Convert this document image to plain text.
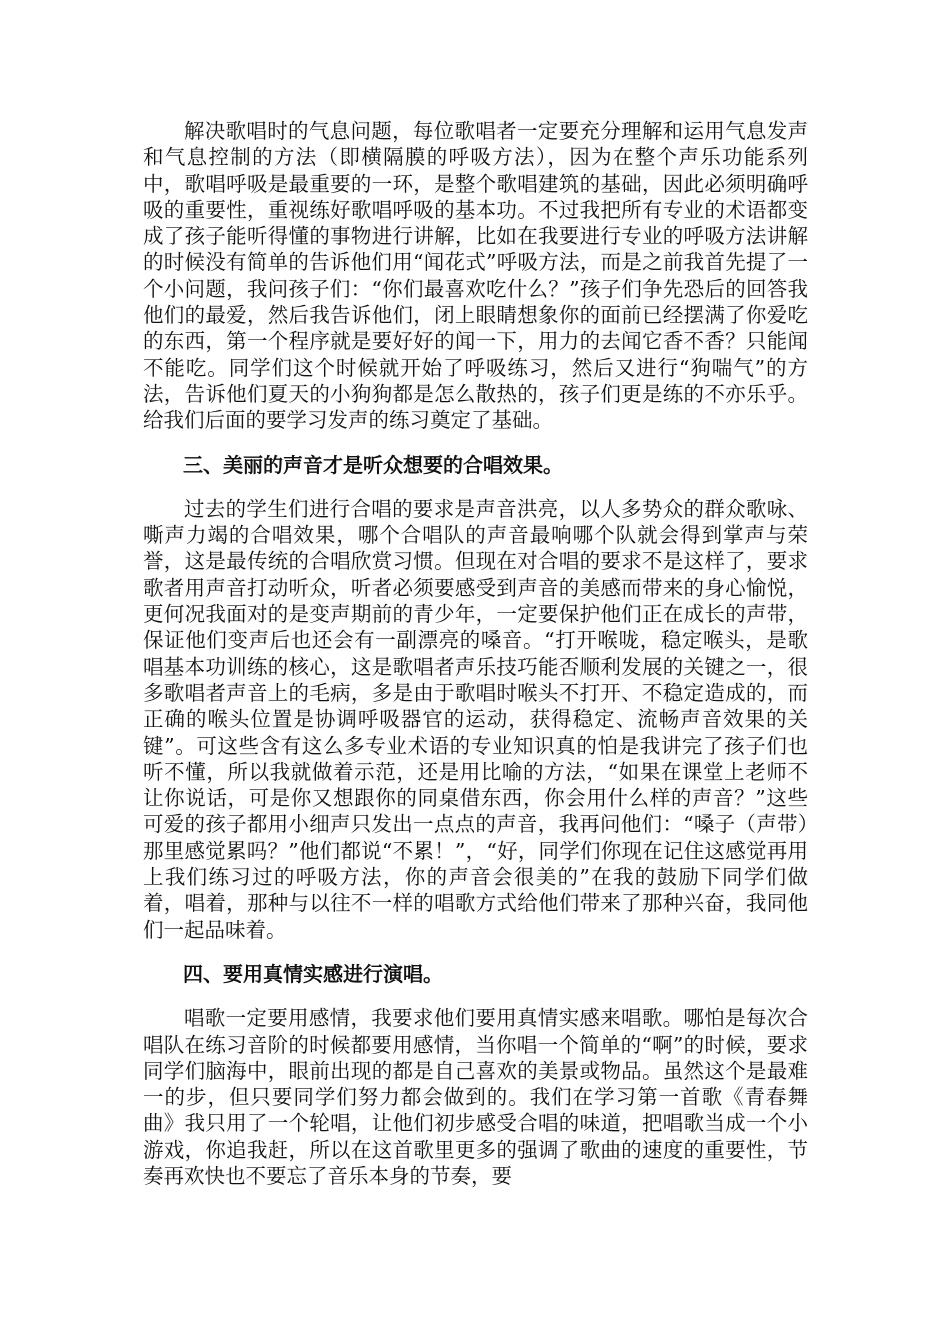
解决歌唱时的气息问题，每位歌唱者一定要充分理解和运用气息发声和气息控制的方法（即横隔膜的呼吸方法），因为在整个声乐功能系列中，歌唱呼吸是最重要的一环，是整个歌唱建筑的基础，因此必须明确呼吸的重要性，重视练好歌唱呼吸的基本功。不过我把所有专业的术语都变成了孩子能听得懂的事物进行讲解，比如在我要进行专业的呼吸方法讲解的时候没有简单的告诉他们用“闻花式”呼吸方法，而是之前我首先提了一个小问题，我问孩子们：“你们最喜欢吃什么？”孩子们争先恐后的回答我他们的最爱，然后我告诉他们，闭上眼睛想象你的面前已经摆满了你爱吃的东西，第一个程序就是要好好的闻一下，用力的去闻它香不香？只能闻不能吃。同学们这个时候就开始了呼吸练习，然后又进行“狗喘气”的方法，告诉他们夏天的小狗狗都是怎么散热的，孩子们更是练的不亦乐乎。给我们后面的要学习发声的练习奠定了基础。

三、美丽的声音才是听众想要的合唱效果。

过去的学生们进行合唱的要求是声音洪亮，以人多势众的群众歌咏、嘶声力竭的合唱效果，哪个合唱队的声音最响哪个队就会得到掌声与荣誉，这是最传统的合唱欣赏习惯。但现在对合唱的要求不是这样了，要求歌者用声音打动听众，听者必须要感受到声音的美感而带来的身心愉悦，更何况我面对的是变声期前的青少年，一定要保护他们正在成长的声带，保证他们变声后也还会有一副漂亮的嗓音。“打开喉咙，稳定喉头，是歌唱基本功训练的核心，这是歌唱者声乐技巧能否顺利发展的关键之一，很多歌唱者声音上的毛病，多是由于歌唱时喉头不打开、不稳定造成的，而正确的喉头位置是协调呼吸器官的运动，获得稳定、流畅声音效果的关键”。可这些含有这么多专业术语的专业知识真的怕是我讲完了孩子们也听不懂，所以我就做着示范，还是用比喻的方法，“如果在课堂上老师不让你说话，可是你又想跟你的同桌借东西，你会用什么样的声音？”这些可爱的孩子都用小细声只发出一点点的声音，我再问他们：“嗓子（声带）那里感觉累吗？”他们都说“不累！”，“好，同学们你现在记住这感觉再用上我们练习过的呼吸方法，你的声音会很美的”在我的鼓励下同学们做着，唱着，那种与以往不一样的唱歌方式给他们带来了那种兴奋，我同他们一起品味着。

四、要用真情实感进行演唱。

唱歌一定要用感情，我要求他们要用真情实感来唱歌。哪怕是每次合唱队在练习音阶的时候都要用感情，当你唱一个简单的“啊”的时候，要求同学们脑海中，眼前出现的都是自己喜欢的美景或物品。虽然这个是最难一的步，但只要同学们努力都会做到的。我们在学习第一首歌《青春舞曲》我只用了一个轮唱，让他们初步感受合唱的味道，把唱歌当成一个小游戏，你追我赶，所以在这首歌里更多的强调了歌曲的速度的重要性，节奏再欢快也不要忘了音乐本身的节奏，要
